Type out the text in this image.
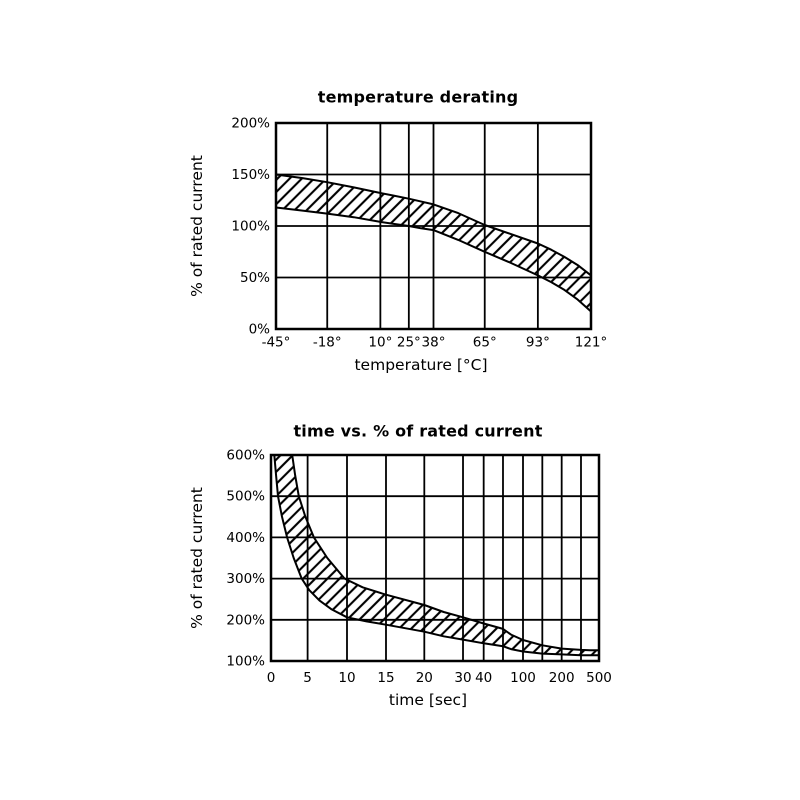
temperature derating
% of rated current
temperature [°C]
time vs. % of rated current
% of rated current
time [sec]
-45° -18° 10° 25° 38° 65° 93° 121°
0%
50%
100%
150%
200%
0 5 10 15 20 30 40 100 200 500
100%
200%
300%
400%
500%
600%
